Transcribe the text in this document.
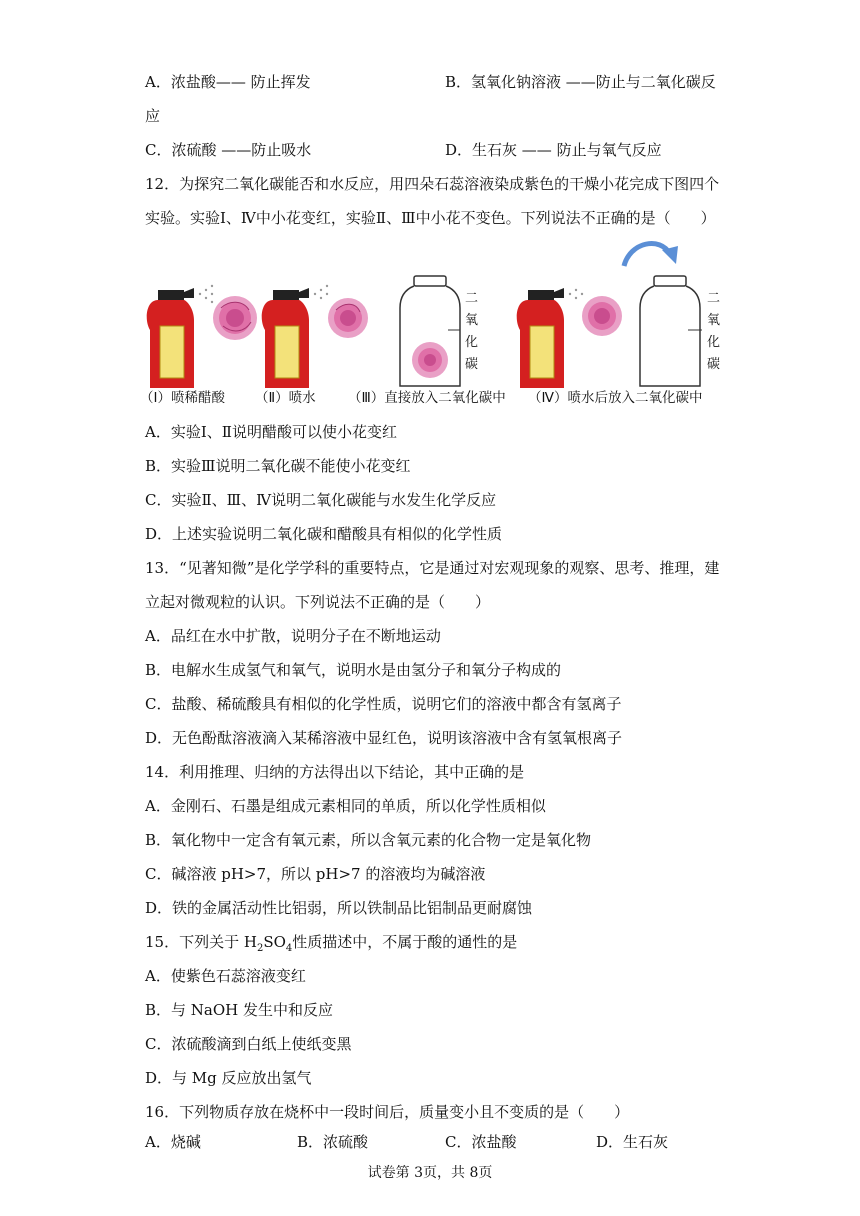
A．浓盐酸—— 防止挥发	B．氢氧化钠溶液 ——防止与二氧化碳反
应
C．浓硫酸 ——防止吸水	D．生石灰 —— 防止与氧气反应
12．为探究二氧化碳能否和水反应，用四朵石蕊溶液染成紫色的干燥小花完成下图四个
实验。实验Ⅰ、Ⅳ中小花变红，实验Ⅱ、Ⅲ中小花不变色。下列说法不正确的是（　　）
二氧化碳
二氧化碳
（Ⅰ）喷稀醋酸 （Ⅱ）喷水 （Ⅲ）直接放入二氧化碳中 （Ⅳ）喷水后放入二氧化碳中
A．实验Ⅰ、Ⅱ说明醋酸可以使小花变红
B．实验Ⅲ说明二氧化碳不能使小花变红
C．实验Ⅱ、Ⅲ、Ⅳ说明二氧化碳能与水发生化学反应
D．上述实验说明二氧化碳和醋酸具有相似的化学性质
13．“见著知微”是化学学科的重要特点，它是通过对宏观现象的观察、思考、推理，建
立起对微观粒的认识。下列说法不正确的是（　　）
A．品红在水中扩散，说明分子在不断地运动
B．电解水生成氢气和氧气，说明水是由氢分子和氧分子构成的
C．盐酸、稀硫酸具有相似的化学性质，说明它们的溶液中都含有氢离子
D．无色酚酞溶液滴入某稀溶液中显红色，说明该溶液中含有氢氧根离子
14．利用推理、归纳的方法得出以下结论，其中正确的是
A．金刚石、石墨是组成元素相同的单质，所以化学性质相似
B．氧化物中一定含有氧元素，所以含氧元素的化合物一定是氧化物
C．碱溶液 pH>7，所以 pH>7 的溶液均为碱溶液
D．铁的金属活动性比铝弱，所以铁制品比铝制品更耐腐蚀
15．下列关于 $H_2SO_4$性质描述中，不属于酸的通性的是
A．使紫色石蕊溶液变红
B．与 NaOH 发生中和反应
C．浓硫酸滴到白纸上使纸变黑
D．与 Mg 反应放出氢气
16．下列物质存放在烧杯中一段时间后，质量变小且不变质的是（　　）
A．烧碱	B．浓硫酸	C．浓盐酸	D．生石灰
试卷第 3页，共 8页
